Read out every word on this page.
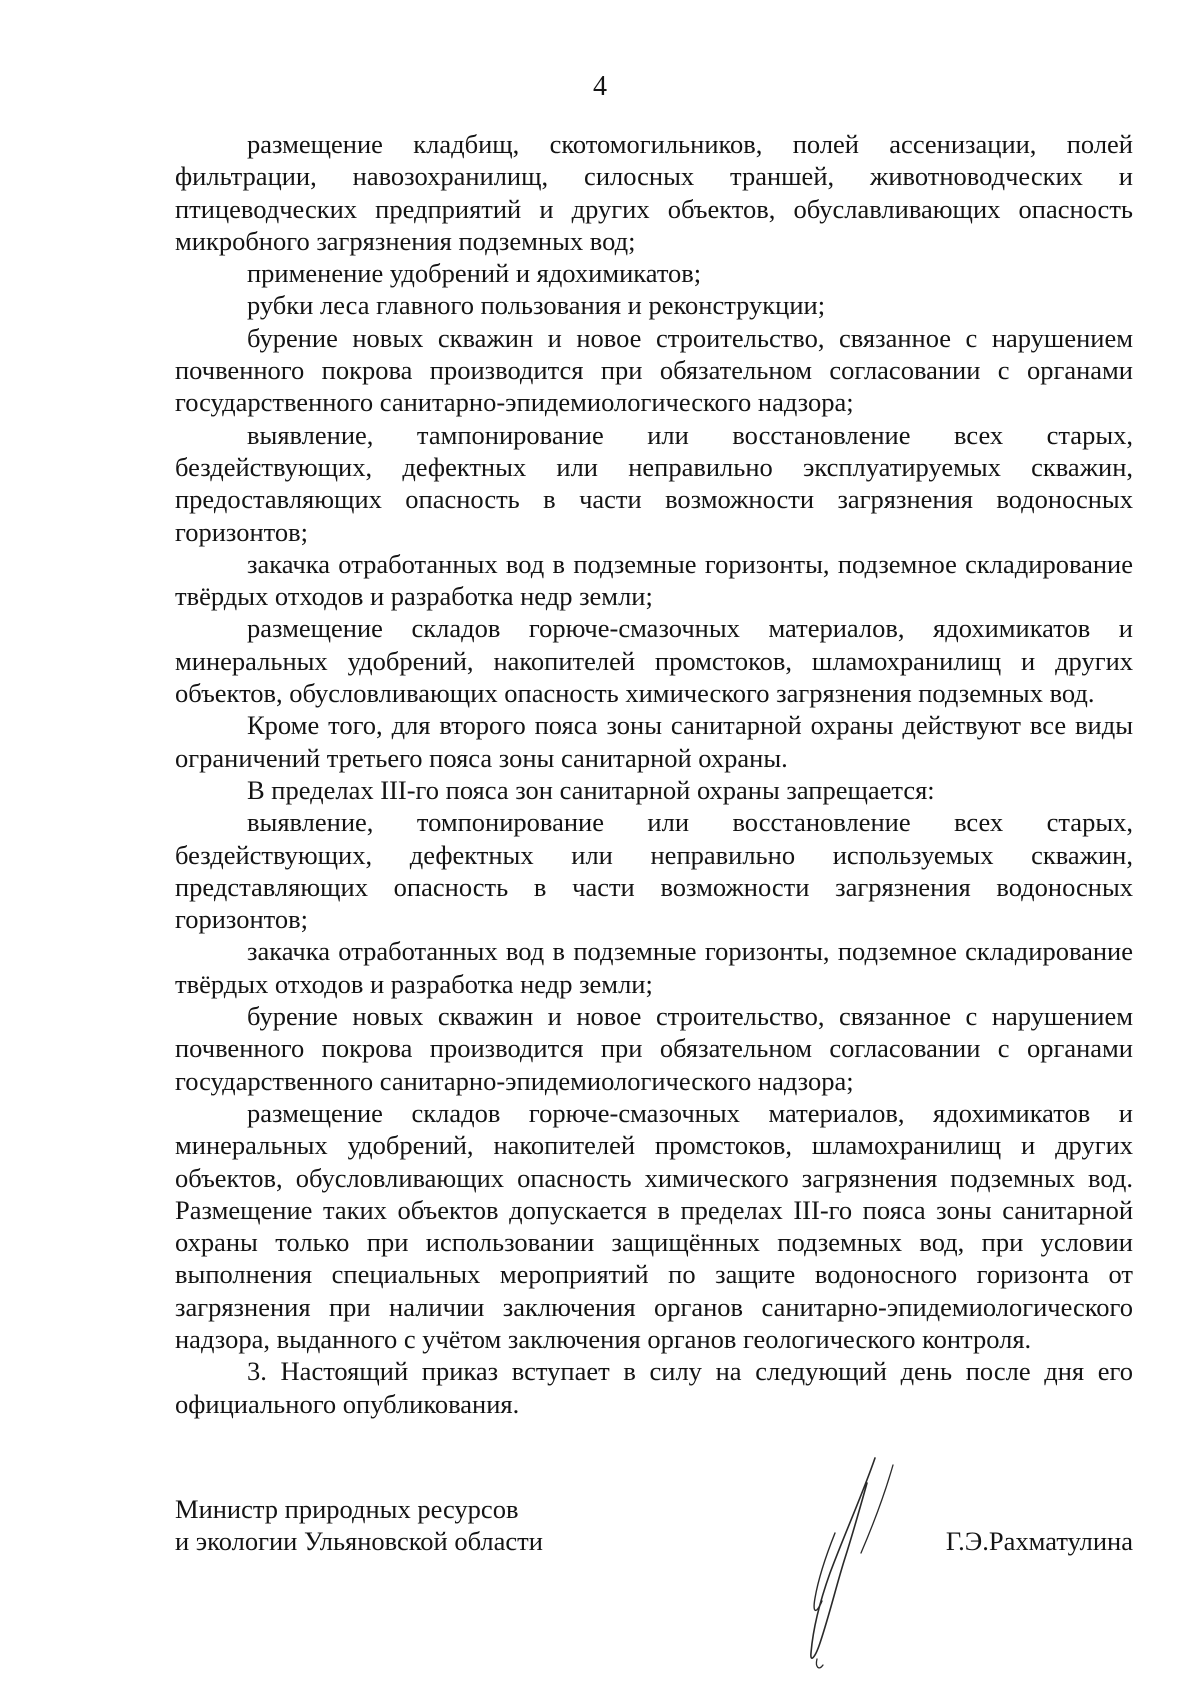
4

размещение кладбищ, скотомогильников, полей ассенизации, полей фильтрации, навозохранилищ, силосных траншей, животноводческих и птицеводческих предприятий и других объектов, обуславливающих опасность микробного загрязнения подземных вод;

применение удобрений и ядохимикатов;

рубки леса главного пользования и реконструкции;

бурение новых скважин и новое строительство, связанное с нарушением почвенного покрова производится при обязательном согласовании с органами государственного санитарно-эпидемиологического надзора;

выявление, тампонирование или восстановление всех старых, бездействующих, дефектных или неправильно эксплуатируемых скважин, предоставляющих опасность в части возможности загрязнения водоносных горизонтов;

закачка отработанных вод в подземные горизонты, подземное складирование твёрдых отходов и разработка недр земли;

размещение складов горюче-смазочных материалов, ядохимикатов и минеральных удобрений, накопителей промстоков, шламохранилищ и других объектов, обусловливающих опасность химического загрязнения подземных вод.

Кроме того, для второго пояса зоны санитарной охраны действуют все виды ограничений третьего пояса зоны санитарной охраны.

В пределах III-го пояса зон санитарной охраны запрещается:

выявление, томпонирование или восстановление всех старых, бездействующих, дефектных или неправильно используемых скважин, представляющих опасность в части возможности загрязнения водоносных горизонтов;

закачка отработанных вод в подземные горизонты, подземное складирование твёрдых отходов и разработка недр земли;

бурение новых скважин и новое строительство, связанное с нарушением почвенного покрова производится при обязательном согласовании с органами государственного санитарно-эпидемиологического надзора;

размещение складов горюче-смазочных материалов, ядохимикатов и минеральных удобрений, накопителей промстоков, шламохранилищ и других объектов, обусловливающих опасность химического загрязнения подземных вод. Размещение таких объектов допускается в пределах III-го пояса зоны санитарной охраны только при использовании защищённых подземных вод, при условии выполнения специальных мероприятий по защите водоносного горизонта от загрязнения при наличии заключения органов санитарно-эпидемиологического надзора, выданного с учётом заключения органов геологического контроля.

3. Настоящий приказ вступает в силу на следующий день после дня его официального опубликования.

Министр природных ресурсов
и экологии Ульяновской области	Г.Э.Рахматулина
